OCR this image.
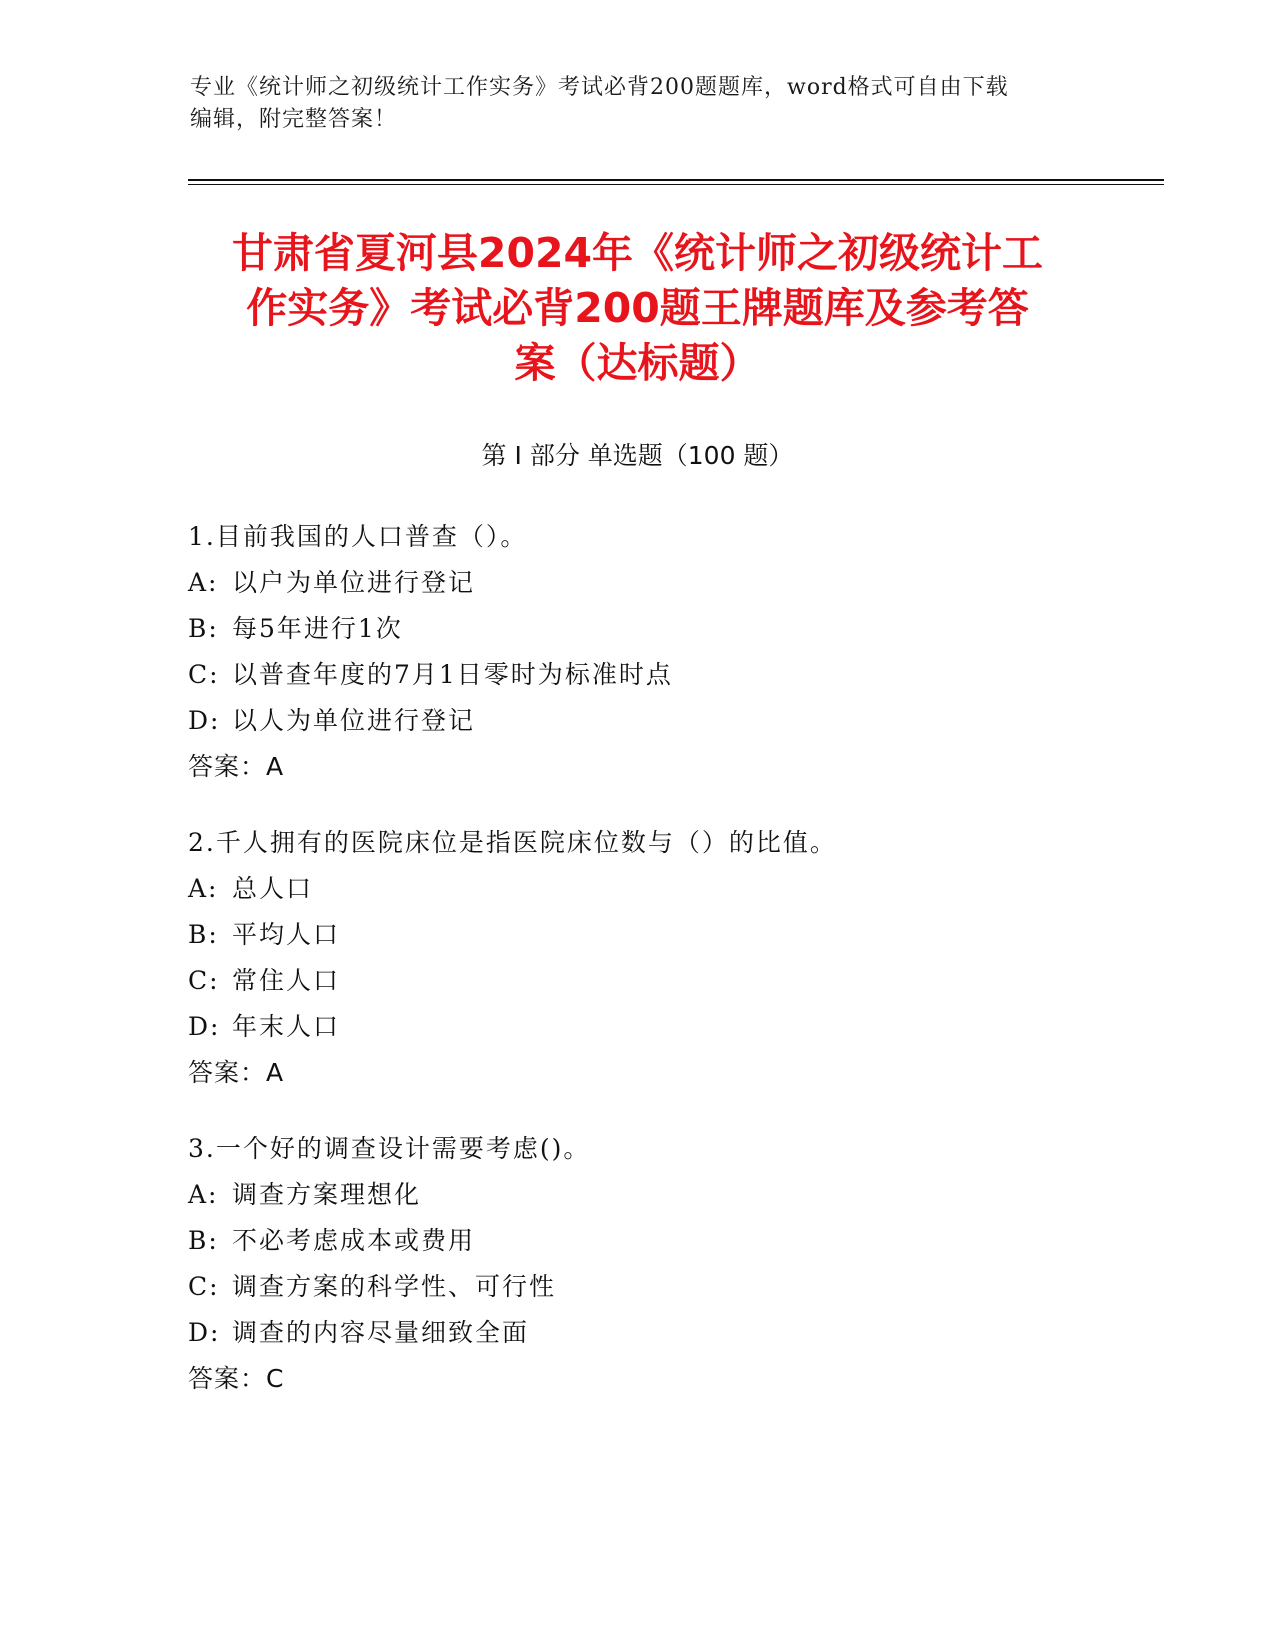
专业《统计师之初级统计工作实务》考试必背200题题库，word格式可自由下载
编辑，附完整答案！
甘肃省夏河县2024年《统计师之初级统计工
作实务》考试必背200题王牌题库及参考答
案（达标题）
第 I 部分 单选题（100 题）
1.目前我国的人口普查（）。
A: 以户为单位进行登记
B: 每5年进行1次
C: 以普查年度的7月1日零时为标准时点
D: 以人为单位进行登记
答案：A
2.千人拥有的医院床位是指医院床位数与（）的比值。
A: 总人口
B: 平均人口
C: 常住人口
D: 年末人口
答案：A
3.一个好的调查设计需要考虑()。
A: 调查方案理想化
B: 不必考虑成本或费用
C: 调查方案的科学性、可行性
D: 调查的内容尽量细致全面
答案：C
